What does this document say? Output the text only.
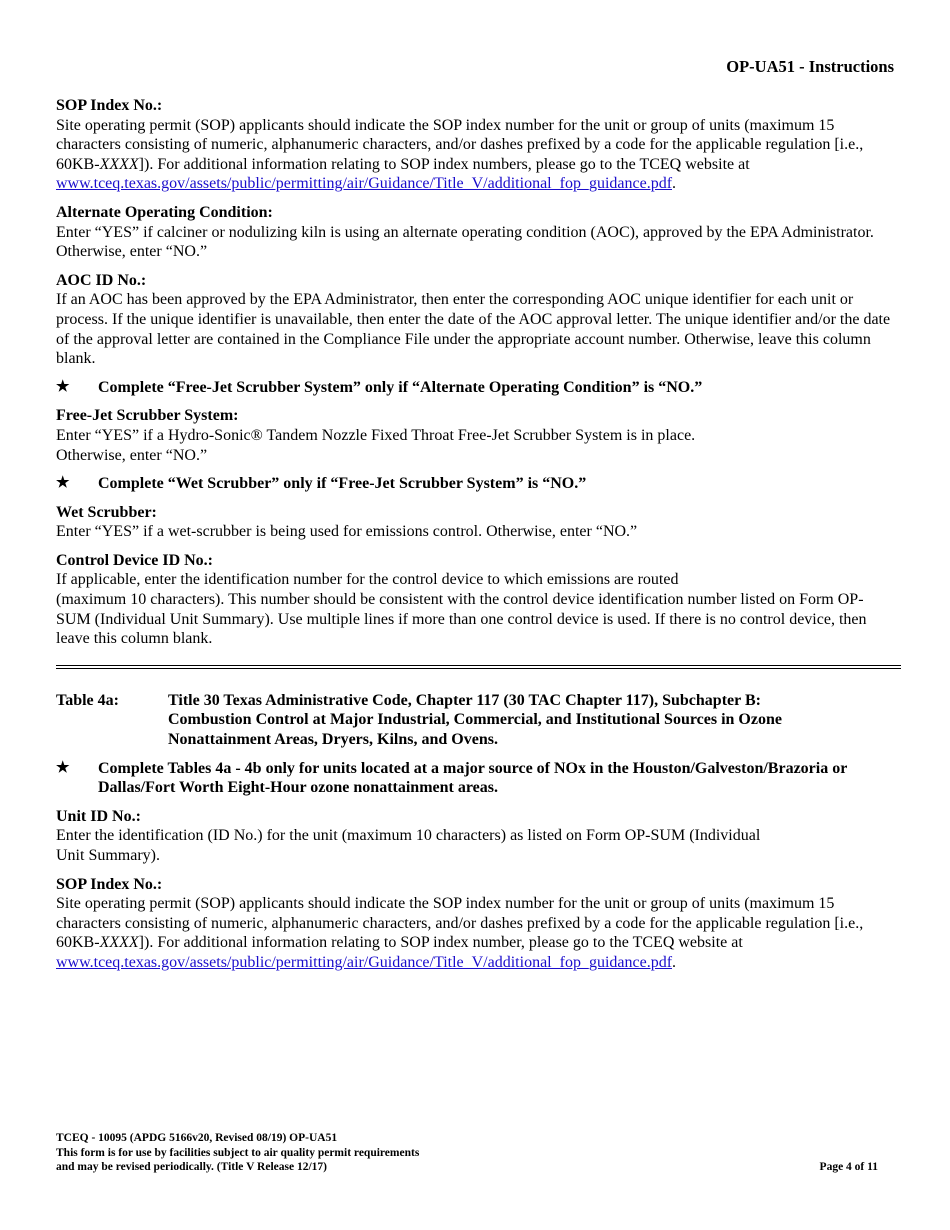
OP-UA51 - Instructions
SOP Index No.:

Site operating permit (SOP) applicants should indicate the SOP index number for the unit or group of units (maximum 15 characters consisting of numeric, alphanumeric characters, and/or dashes prefixed by a code for the applicable regulation [i.e., 60KB-XXXX]). For additional information relating to SOP index numbers, please go to the TCEQ website at www.tceq.texas.gov/assets/public/permitting/air/Guidance/Title_V/additional_fop_guidance.pdf.

Alternate Operating Condition:

Enter “YES” if calciner or nodulizing kiln is using an alternate operating condition (AOC), approved by the EPA Administrator. Otherwise, enter “NO.”

AOC ID No.:

If an AOC has been approved by the EPA Administrator, then enter the corresponding AOC unique identifier for each unit or process. If the unique identifier is unavailable, then enter the date of the AOC approval letter. The unique identifier and/or the date of the approval letter are contained in the Compliance File under the appropriate account number. Otherwise, leave this column blank.

★	Complete “Free-Jet Scrubber System” only if “Alternate Operating Condition” is “NO.”
Free-Jet Scrubber System:

Enter “YES” if a Hydro-Sonic® Tandem Nozzle Fixed Throat Free-Jet Scrubber System is in place.

Otherwise, enter “NO.”

★	Complete “Wet Scrubber” only if “Free-Jet Scrubber System” is “NO.”
Wet Scrubber:

Enter “YES” if a wet-scrubber is being used for emissions control. Otherwise, enter “NO.”

Control Device ID No.:

If applicable, enter the identification number for the control device to which emissions are routed

(maximum 10 characters). This number should be consistent with the control device identification number listed on Form OP-SUM (Individual Unit Summary). Use multiple lines if more than one control device is used. If there is no control device, then leave this column blank.

Table 4a:	Title 30 Texas Administrative Code, Chapter 117 (30 TAC Chapter 117), Subchapter B: Combustion Control at Major Industrial, Commercial, and Institutional Sources in Ozone Nonattainment Areas, Dryers, Kilns, and Ovens.
★	Complete Tables 4a - 4b only for units located at a major source of NOx in the Houston/Galveston/Brazoria or Dallas/Fort Worth Eight-Hour ozone nonattainment areas.
Unit ID No.:

Enter the identification (ID No.) for the unit (maximum 10 characters) as listed on Form OP-SUM (Individual

Unit Summary).

SOP Index No.:

Site operating permit (SOP) applicants should indicate the SOP index number for the unit or group of units (maximum 15 characters consisting of numeric, alphanumeric characters, and/or dashes prefixed by a code for the applicable regulation [i.e., 60KB-XXXX]). For additional information relating to SOP index number, please go to the TCEQ website at www.tceq.texas.gov/assets/public/permitting/air/Guidance/Title_V/additional_fop_guidance.pdf.

TCEQ - 10095 (APDG 5166v20, Revised 08/19) OP-UA51
This form is for use by facilities subject to air quality permit requirements
and may be revised periodically. (Title V Release 12/17)	Page 4 of 11
